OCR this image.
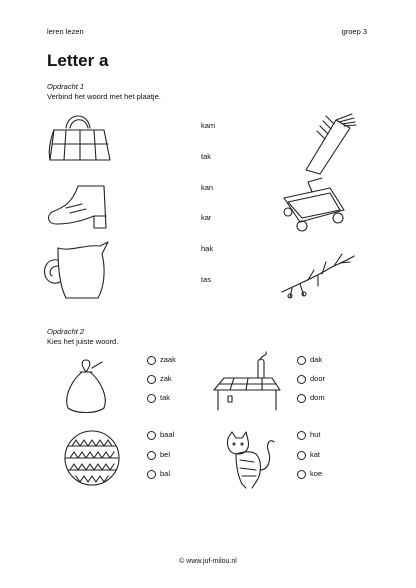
leren lezen	groep 3
Letter a
Opdracht 1
Verbind het woord met het plaatje.
kam
tak
kan
kar
hak
tas
Opdracht 2
Kies het juiste woord.
zaak
zak
tak
dak
door
dom
baal
bel
bal
hut
kat
koe
© www.juf-milou.nl
